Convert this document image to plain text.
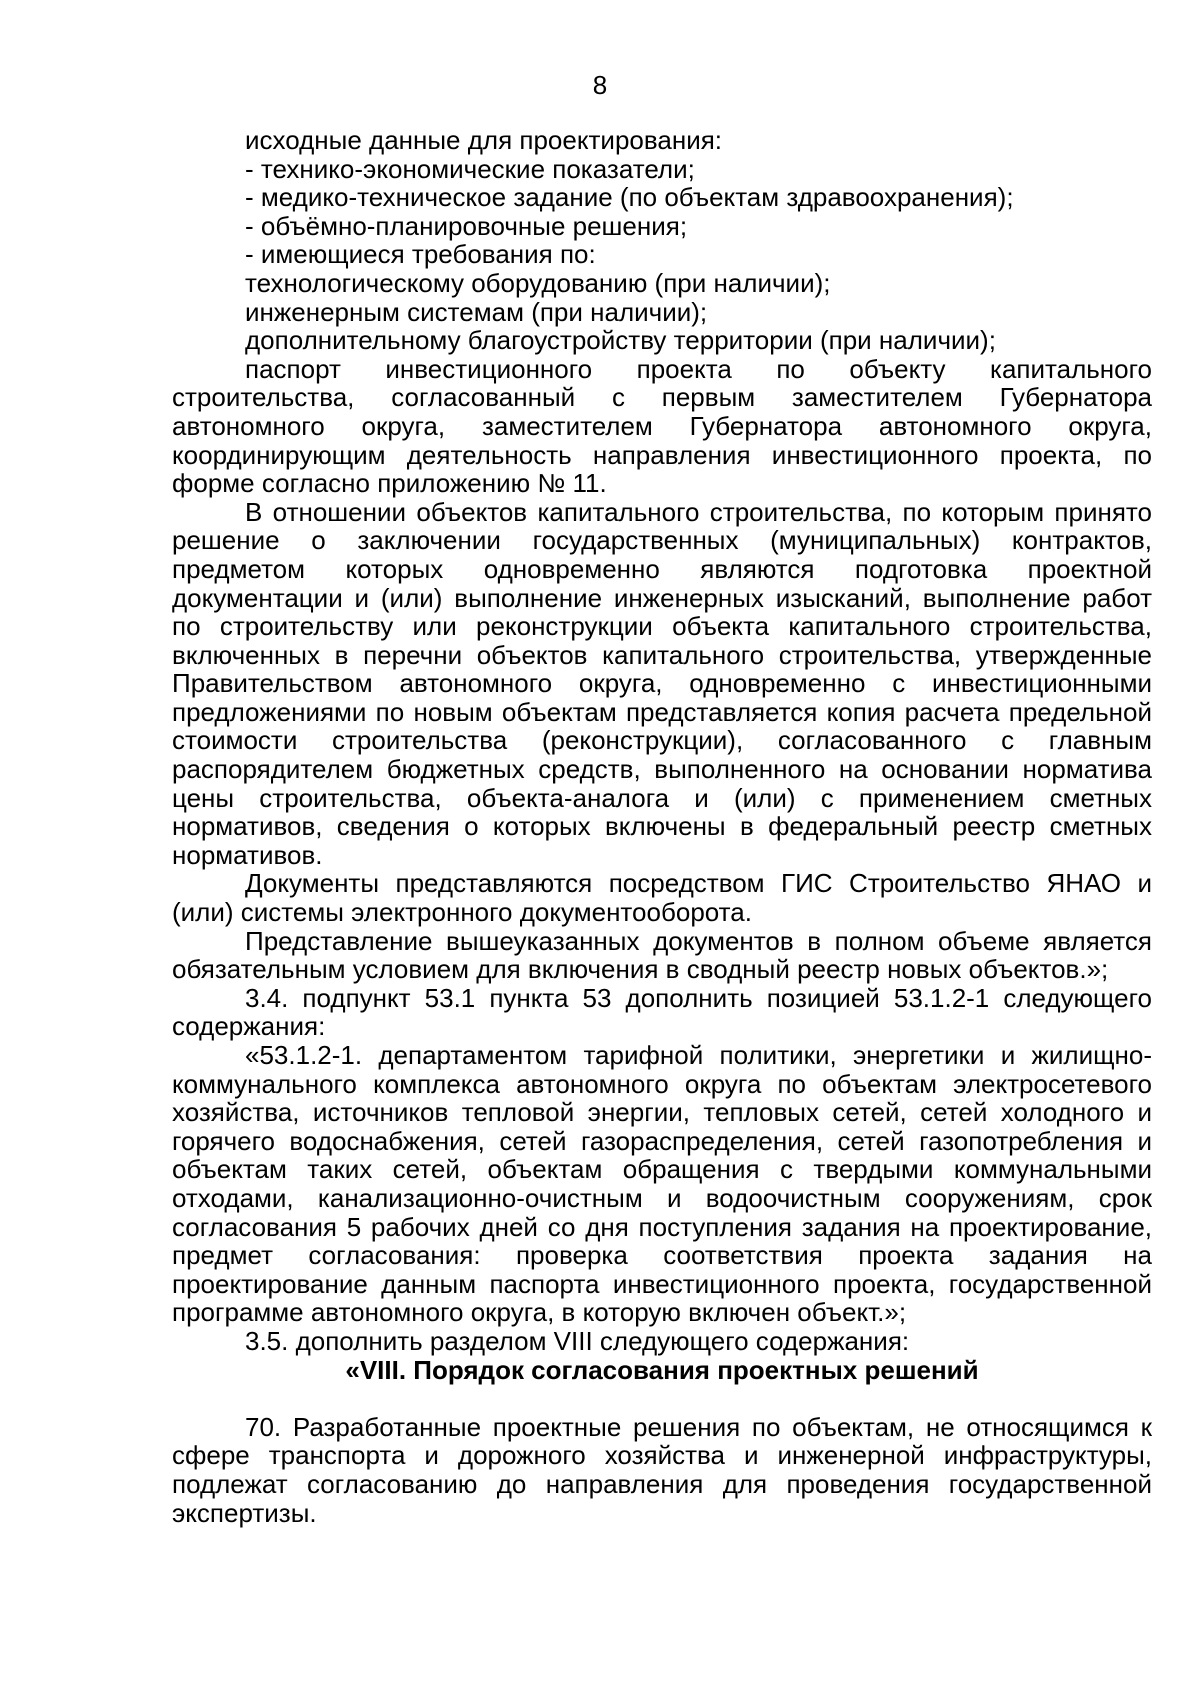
8

исходные данные для проектирования:

- технико-экономические показатели;

- медико-техническое задание (по объектам здравоохранения);

- объёмно-планировочные решения;

- имеющиеся требования по:

технологическому оборудованию (при наличии);

инженерным системам (при наличии);

дополнительному благоустройству территории (при наличии);

паспорт инвестиционного проекта по объекту капитального строительства, согласованный с первым заместителем Губернатора автономного округа, заместителем Губернатора автономного округа, координирующим деятельность направления инвестиционного проекта, по форме согласно приложению № 11.

В отношении объектов капитального строительства, по которым принято решение о заключении государственных (муниципальных) контрактов, предметом которых одновременно являются подготовка проектной документации и (или) выполнение инженерных изысканий, выполнение работ по строительству или реконструкции объекта капитального строительства, включенных в перечни объектов капитального строительства, утвержденные Правительством автономного округа, одновременно с инвестиционными предложениями по новым объектам представляется копия расчета предельной стоимости строительства (реконструкции), согласованного с главным распорядителем бюджетных средств, выполненного на основании норматива цены строительства, объекта-аналога и (или) с применением сметных нормативов, сведения о которых включены в федеральный реестр сметных нормативов.

Документы представляются посредством ГИС Строительство ЯНАО и (или) системы электронного документооборота.

Представление вышеуказанных документов в полном объеме является обязательным условием для включения в сводный реестр новых объектов.»;

3.4. подпункт 53.1 пункта 53 дополнить позицией 53.1.2-1 следующего содержания:

«53.1.2-1. департаментом тарифной политики, энергетики и жилищно-коммунального комплекса автономного округа по объектам электросетевого хозяйства, источников тепловой энергии, тепловых сетей, сетей холодного и горячего водоснабжения, сетей газораспределения, сетей газопотребления и объектам таких сетей, объектам обращения с твердыми коммунальными отходами, канализационно-очистным и водоочистным сооружениям, срок согласования 5 рабочих дней со дня поступления задания на проектирование, предмет согласования: проверка соответствия проекта задания на проектирование данным паспорта инвестиционного проекта, государственной программе автономного округа, в которую включен объект.»;

3.5. дополнить разделом VIII следующего содержания:

«VIII. Порядок согласования проектных решений

70. Разработанные проектные решения по объектам, не относящимся к сфере транспорта и дорожного хозяйства и инженерной инфраструктуры, подлежат согласованию до направления для проведения государственной экспертизы.
